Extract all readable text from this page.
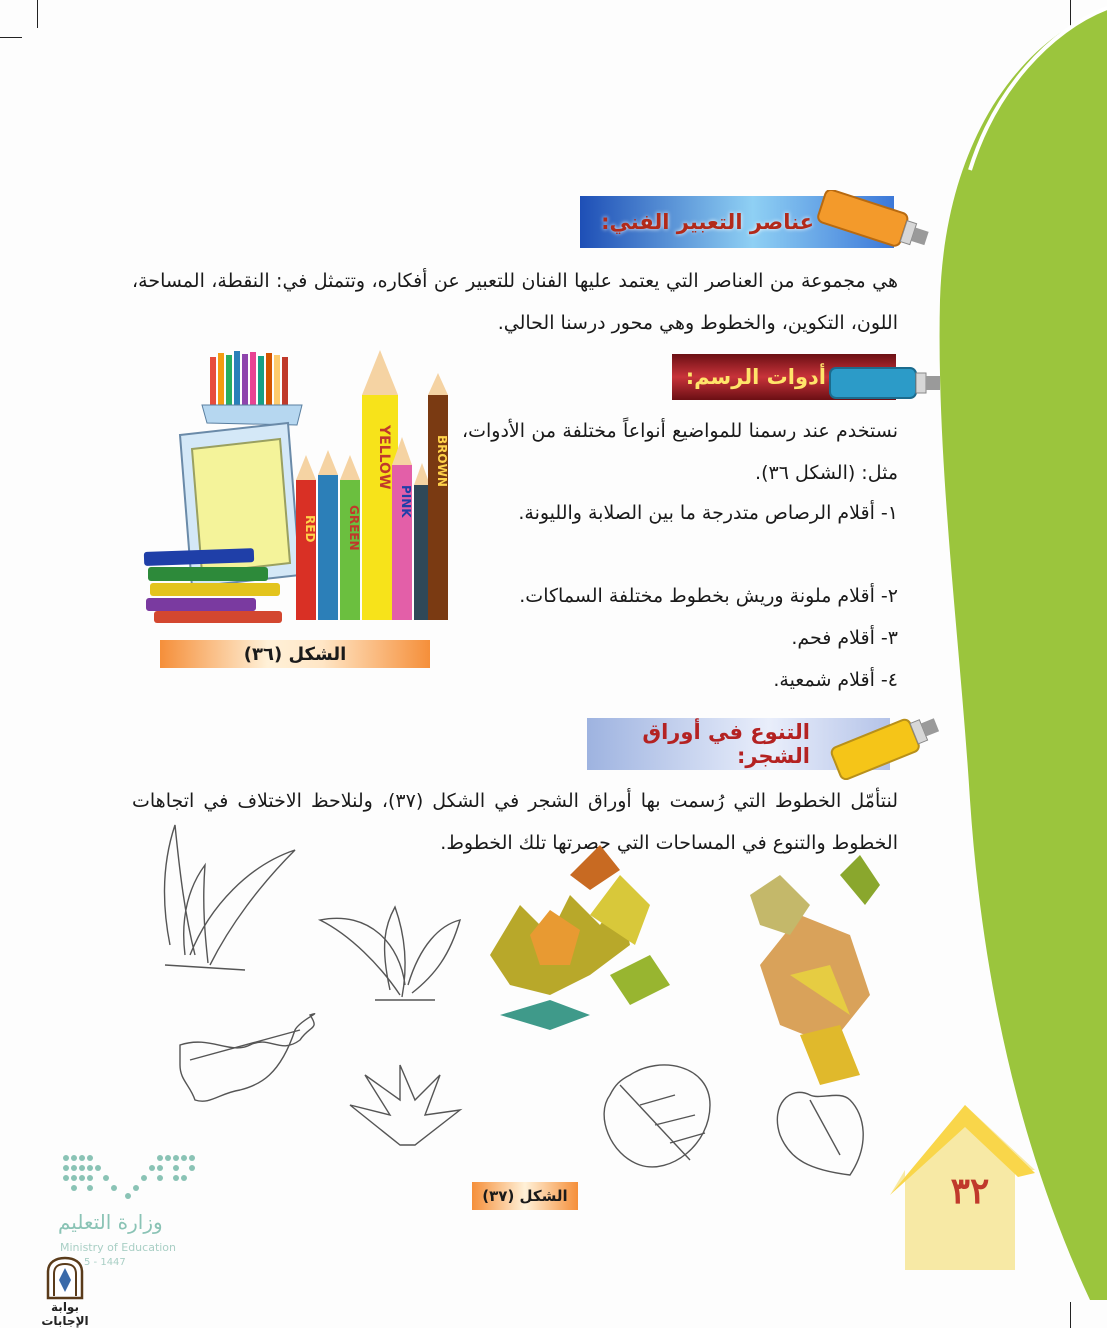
عناصر التعبير الفني:
هي مجموعة من العناصر التي يعتمد عليها الفنان للتعبير عن أفكاره، وتتمثل في: النقطة، المساحة، اللون، التكوين، والخطوط وهي محور درسنا الحالي.
أدوات الرسم:
نستخدم عند رسمنا للمواضيع أنواعاً مختلفة من الأدوات، مثل: (الشكل ٣٦).
١- أقلام الرصاص متدرجة ما بين الصلابة والليونة.
٢- أقلام ملونة وريش بخطوط مختلفة السماكات.
٣- أقلام فحم.
٤- أقلام شمعية.
RED	GREEN
YELLOW
PINK
BROWN
الشكل (٣٦)
التنوع في أوراق الشجر:
لنتأمّل الخطوط التي رُسمت بها أوراق الشجر في الشكل (٣٧)، ولنلاحظ الاختلاف في اتجاهات الخطوط والتنوع في المساحات التي حصرتها تلك الخطوط.
الشكل (٣٧)	٣٢
وزارة التعليم
Ministry of Education
5 - 1447
بوابة الإجابات
